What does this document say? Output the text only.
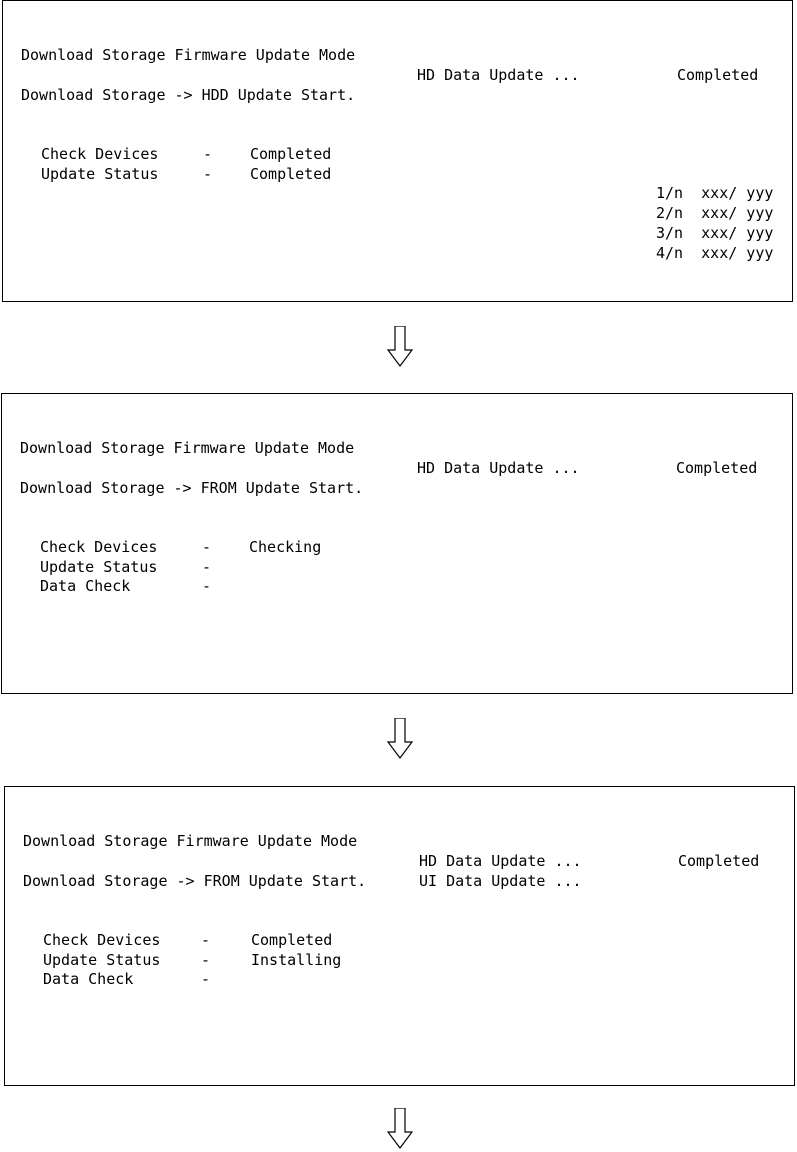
Download Storage Firmware Update Mode
HD Data Update ...	Completed
Download Storage -> HDD Update Start.
Check Devices	-	Completed
Update Status	-	Completed
1/n  xxx/ yyy
2/n  xxx/ yyy
3/n  xxx/ yyy
4/n  xxx/ yyy
Download Storage Firmware Update Mode
HD Data Update ...	Completed
Download Storage -> FROM Update Start.
Check Devices	-	Checking
Update Status	-
Data Check	-
Download Storage Firmware Update Mode
HD Data Update ...	Completed
Download Storage -> FROM Update Start.	UI Data Update ...
Check Devices	-	Completed
Update Status	-	Installing
Data Check	-
